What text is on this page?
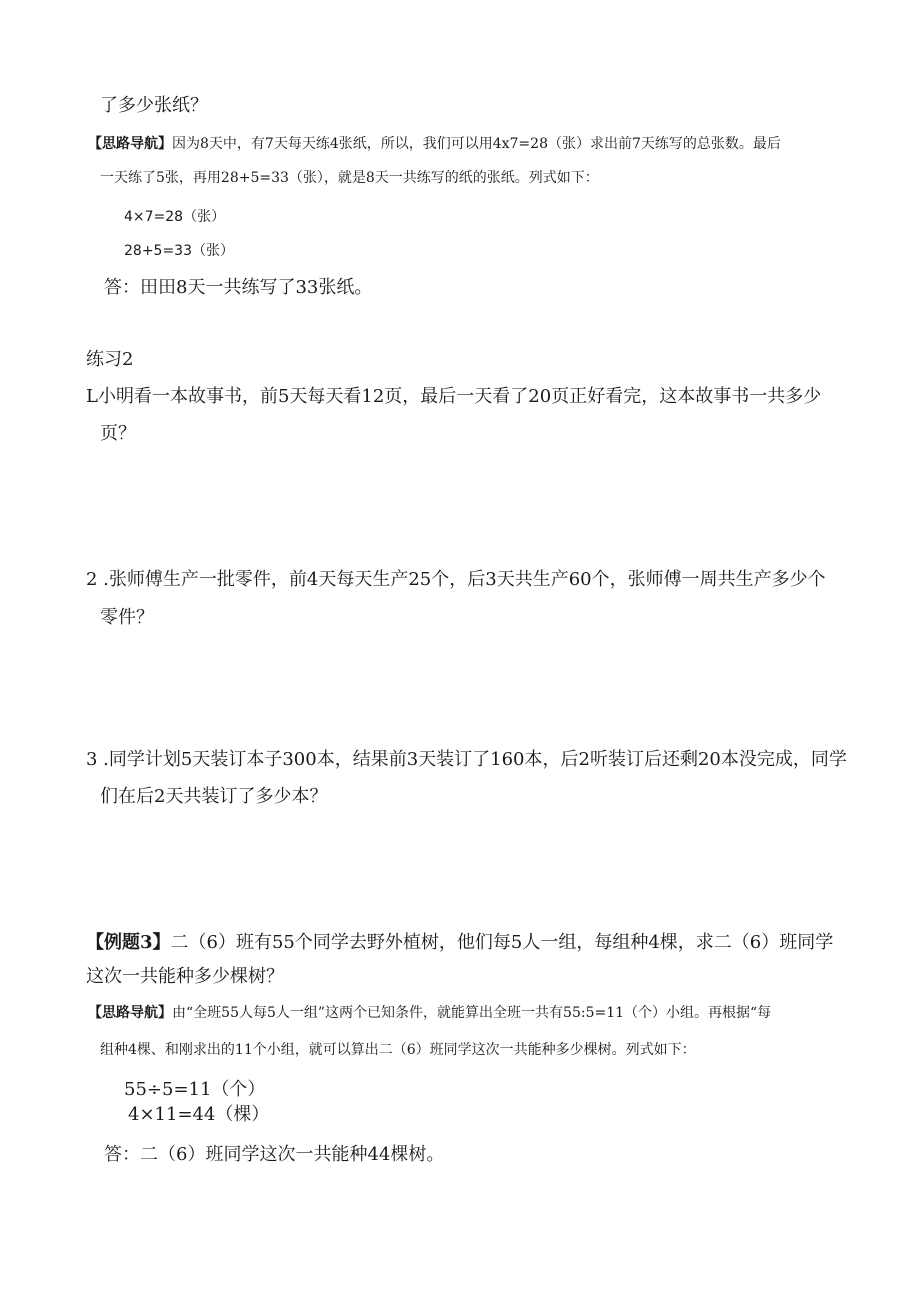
了多少张纸？
【思路导航】因为8天中，有7天每天练4张纸，所以，我们可以用4x7=28（张）求出前7天练写的总张数。最后
一天练了5张，再用28+5=33（张），就是8天一共练写的纸的张纸。列式如下：
4×7=28（张）
28+5=33（张）
答：田田8天一共练写了33张纸。
练习2
L小明看一本故事书，前5天每天看12页，最后一天看了20页正好看完，这本故事书一共多少
页？
2 .张师傅生产一批零件，前4天每天生产25个，后3天共生产60个，张师傅一周共生产多少个
零件？
3 .同学计划5天装订本子300本，结果前3天装订了160本，后2听装订后还剩20本没完成，同学
们在后2天共装订了多少本？
【例题3】二（6）班有55个同学去野外植树，他们每5人一组，每组种4棵，求二（6）班同学
这次一共能种多少棵树？
【思路导航】由“全班55人每5人一组”这两个已知条件，就能算出全班一共有55:5=11（个）小组。再根据“每
组种4棵、和刚求出的11个小组，就可以算出二（6）班同学这次一共能种多少棵树。列式如下：
55÷5=11（个）
4×11=44（棵）
答：二（6）班同学这次一共能种44棵树。
